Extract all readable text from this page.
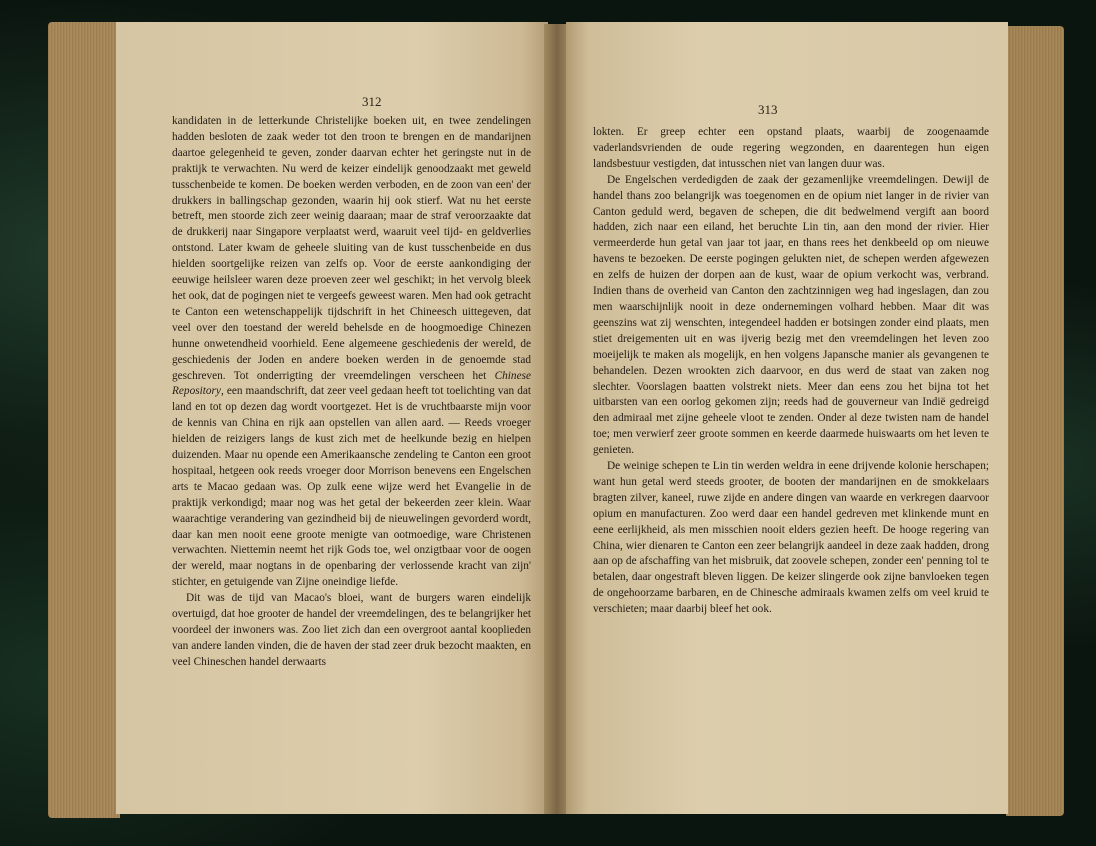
312

kandidaten in de letterkunde Christelijke boeken uit, en twee zendelingen hadden besloten de zaak weder tot den troon te brengen en de mandarijnen daartoe gelegenheid te geven, zonder daarvan echter het geringste nut in de praktijk te verwachten. Nu werd de keizer eindelijk genoodzaakt met geweld tusschenbeide te komen. De boeken werden verboden, en de zoon van een' der drukkers in ballingschap gezonden, waarin hij ook stierf. Wat nu het eerste betreft, men stoorde zich zeer weinig daaraan; maar de straf veroorzaakte dat de drukkerij naar Singapore verplaatst werd, waaruit veel tijd- en geldverlies ontstond. Later kwam de geheele sluiting van de kust tusschenbeide en dus hielden soortgelijke reizen van zelfs op. Voor de eerste aankondiging der eeuwige heilsleer waren deze proeven zeer wel geschikt; in het vervolg bleek het ook, dat de pogingen niet te vergeefs geweest waren. Men had ook getracht te Canton een wetenschappelijk tijdschrift in het Chineesch uittegeven, dat veel over den toestand der wereld behelsde en de hoogmoedige Chinezen hunne onwetendheid voorhield. Eene algemeene geschiedenis der wereld, de geschiedenis der Joden en andere boeken werden in de genoemde stad geschreven. Tot onderrigting der vreemdelingen verscheen het Chinese Repository, een maandschrift, dat zeer veel gedaan heeft tot toelichting van dat land en tot op dezen dag wordt voortgezet. Het is de vruchtbaarste mijn voor de kennis van China en rijk aan opstellen van allen aard. — Reeds vroeger hielden de reizigers langs de kust zich met de heelkunde bezig en hielpen duizenden. Maar nu opende een Amerikaansche zendeling te Canton een groot hospitaal, hetgeen ook reeds vroeger door Morrison benevens een Engelschen arts te Macao gedaan was. Op zulk eene wijze werd het Evangelie in de praktijk verkondigd; maar nog was het getal der bekeerden zeer klein. Waar waarachtige verandering van gezindheid bij de nieuwelingen gevorderd wordt, daar kan men nooit eene groote menigte van ootmoedige, ware Christenen verwachten. Niettemin neemt het rijk Gods toe, wel onzigtbaar voor de oogen der wereld, maar nogtans in de openbaring der verlossende kracht van zijn' stichter, en getuigende van Zijne oneindige liefde.

Dit was de tijd van Macao's bloei, want de burgers waren eindelijk overtuigd, dat hoe grooter de handel der vreemdelingen, des te belangrijker het voordeel der inwoners was. Zoo liet zich dan een overgroot aantal kooplieden van andere landen vinden, die de haven der stad zeer druk bezocht maakten, en veel Chineschen handel derwaarts

313

lokten. Er greep echter een opstand plaats, waarbij de zoogenaamde vaderlandsvrienden de oude regering wegzonden, en daarentegen hun eigen landsbestuur vestigden, dat intusschen niet van langen duur was.

De Engelschen verdedigden de zaak der gezamenlijke vreemdelingen. Dewijl de handel thans zoo belangrijk was toegenomen en de opium niet langer in de rivier van Canton geduld werd, begaven de schepen, die dit bedwelmend vergift aan boord hadden, zich naar een eiland, het beruchte Lin tin, aan den mond der rivier. Hier vermeerderde hun getal van jaar tot jaar, en thans rees het denkbeeld op om nieuwe havens te bezoeken. De eerste pogingen gelukten niet, de schepen werden afgewezen en zelfs de huizen der dorpen aan de kust, waar de opium verkocht was, verbrand. Indien thans de overheid van Canton den zachtzinnigen weg had ingeslagen, dan zou men waarschijnlijk nooit in deze ondernemingen volhard hebben. Maar dit was geenszins wat zij wenschten, integendeel hadden er botsingen zonder eind plaats, men stiet dreigementen uit en was ijverig bezig met den vreemdelingen het leven zoo moeijelijk te maken als mogelijk, en hen volgens Japansche manier als gevangenen te behandelen. Dezen wrookten zich daarvoor, en dus werd de staat van zaken nog slechter. Voorslagen baatten volstrekt niets. Meer dan eens zou het bijna tot het uitbarsten van een oorlog gekomen zijn; reeds had de gouverneur van Indië gedreigd den admiraal met zijne geheele vloot te zenden. Onder al deze twisten nam de handel toe; men verwierf zeer groote sommen en keerde daarmede huiswaarts om het leven te genieten.

De weinige schepen te Lin tin werden weldra in eene drijvende kolonie herschapen; want hun getal werd steeds grooter, de booten der mandarijnen en de smokkelaars bragten zilver, kaneel, ruwe zijde en andere dingen van waarde en verkregen daarvoor opium en manufacturen. Zoo werd daar een handel gedreven met klinkende munt en eene eerlijkheid, als men misschien nooit elders gezien heeft. De hooge regering van China, wier dienaren te Canton een zeer belangrijk aandeel in deze zaak hadden, drong aan op de afschaffing van het misbruik, dat zoovele schepen, zonder een' penning tol te betalen, daar ongestraft bleven liggen. De keizer slingerde ook zijne banvloeken tegen de ongehoorzame barbaren, en de Chinesche admiraals kwamen zelfs om veel kruid te verschieten; maar daarbij bleef het ook.
